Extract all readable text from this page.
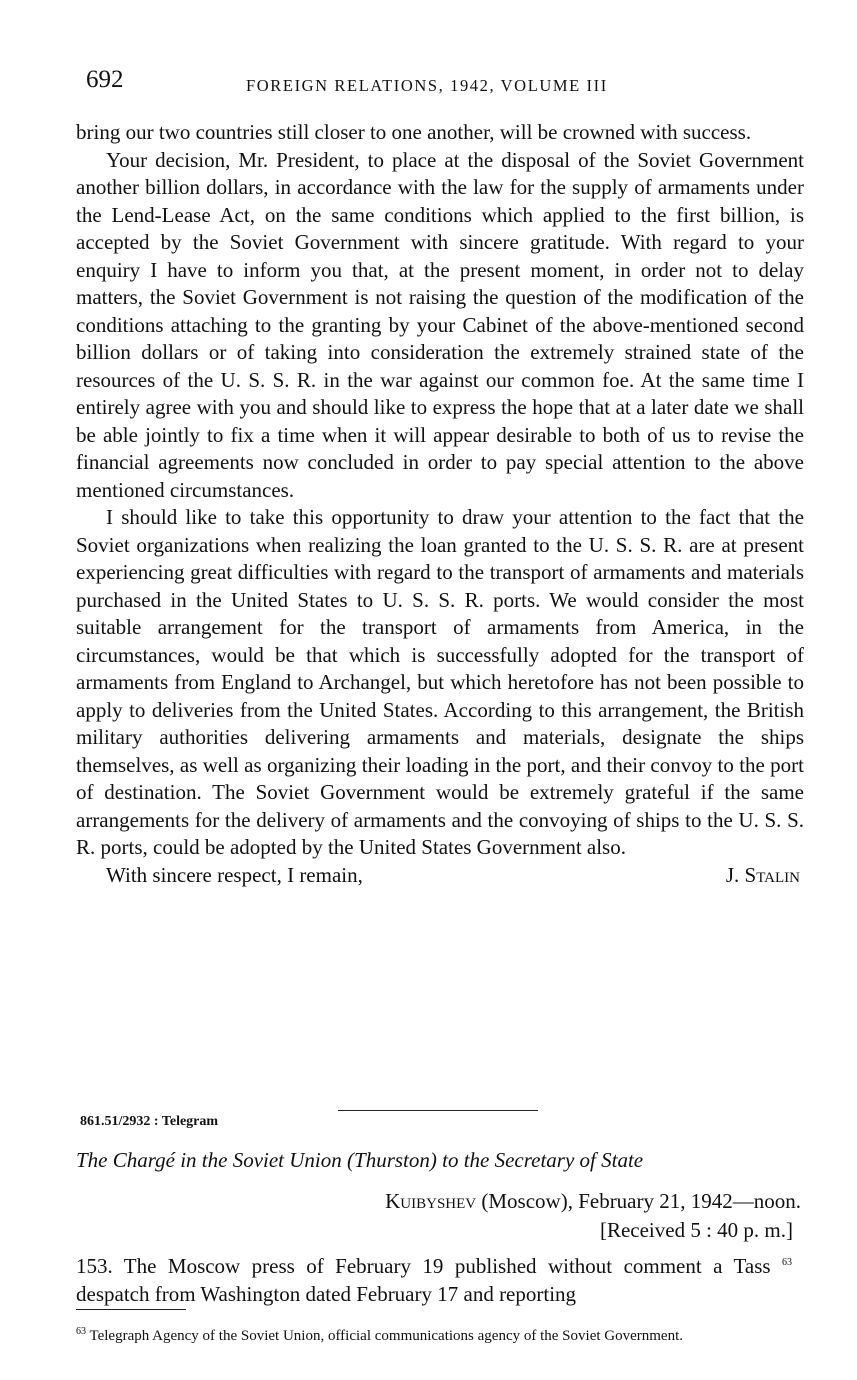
692	FOREIGN RELATIONS, 1942, VOLUME III

bring our two countries still closer to one another, will be crowned with success.

Your decision, Mr. President, to place at the disposal of the Soviet Government another billion dollars, in accordance with the law for the supply of armaments under the Lend-Lease Act, on the same conditions which applied to the first billion, is accepted by the Soviet Government with sincere gratitude. With regard to your enquiry I have to inform you that, at the present moment, in order not to delay matters, the Soviet Government is not raising the question of the modification of the conditions attaching to the granting by your Cabinet of the above-mentioned second billion dollars or of taking into consideration the extremely strained state of the resources of the U. S. S. R. in the war against our common foe. At the same time I entirely agree with you and should like to express the hope that at a later date we shall be able jointly to fix a time when it will appear desirable to both of us to revise the financial agreements now concluded in order to pay special attention to the above mentioned circumstances.

I should like to take this opportunity to draw your attention to the fact that the Soviet organizations when realizing the loan granted to the U. S. S. R. are at present experiencing great difficulties with regard to the transport of armaments and materials purchased in the United States to U. S. S. R. ports. We would consider the most suitable arrangement for the transport of armaments from America, in the circumstances, would be that which is successfully adopted for the transport of armaments from England to Archangel, but which heretofore has not been possible to apply to deliveries from the United States. According to this arrangement, the British military authorities delivering armaments and materials, designate the ships themselves, as well as organizing their loading in the port, and their convoy to the port of destination. The Soviet Government would be extremely grateful if the same arrangements for the delivery of armaments and the convoying of ships to the U. S. S. R. ports, could be adopted by the United States Government also.

With sincere respect, I remain,	J. Stalin
861.51/2932 : Telegram
The Chargé in the Soviet Union (Thurston) to the Secretary of State
Kuibyshev (Moscow), February 21, 1942—noon.
[Received 5 : 40 p. m.]

153. The Moscow press of February 19 published without comment a Tass $^{63}$ despatch from Washington dated February 17 and reporting

$^{63}$ Telegraph Agency of the Soviet Union, official communications agency of the Soviet Government.
